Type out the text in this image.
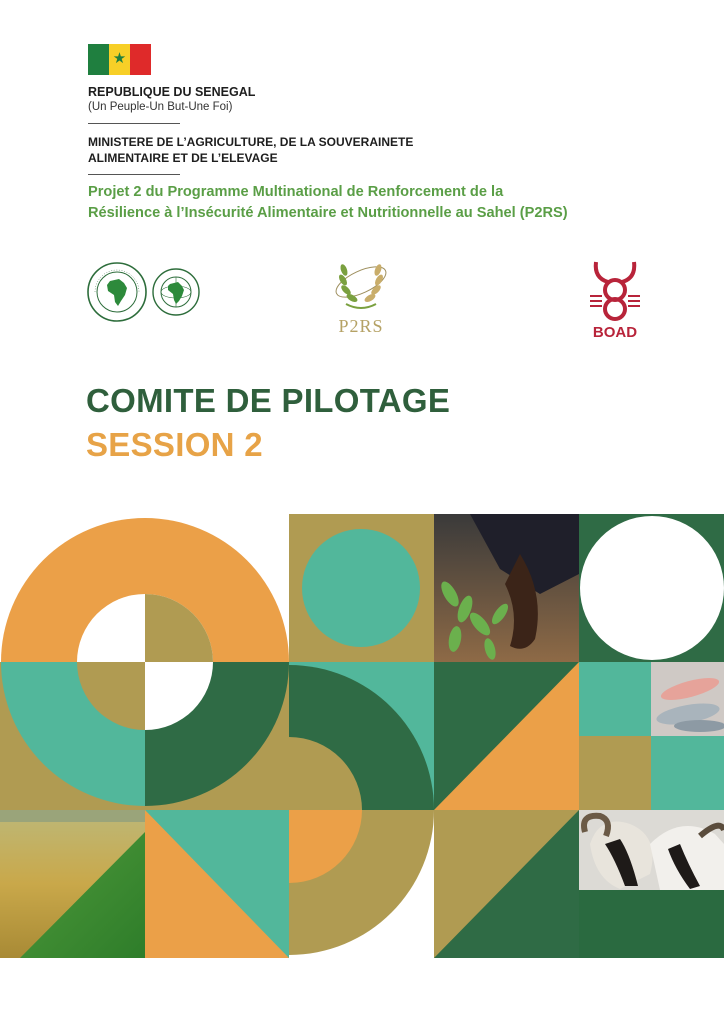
★
REPUBLIQUE DU SENEGAL
(Un Peuple-Un But-Une Foi)
MINISTERE DE L’AGRICULTURE, DE LA SOUVERAINETE
ALIMENTAIRE ET DE L’ELEVAGE
Projet 2 du Programme Multinational de Renforcement de la
Résilience à l’Insécurité Alimentaire et Nutritionnelle au Sahel (P2RS)
P2RS	BOAD
COMITE DE PILOTAGE
SESSION 2
